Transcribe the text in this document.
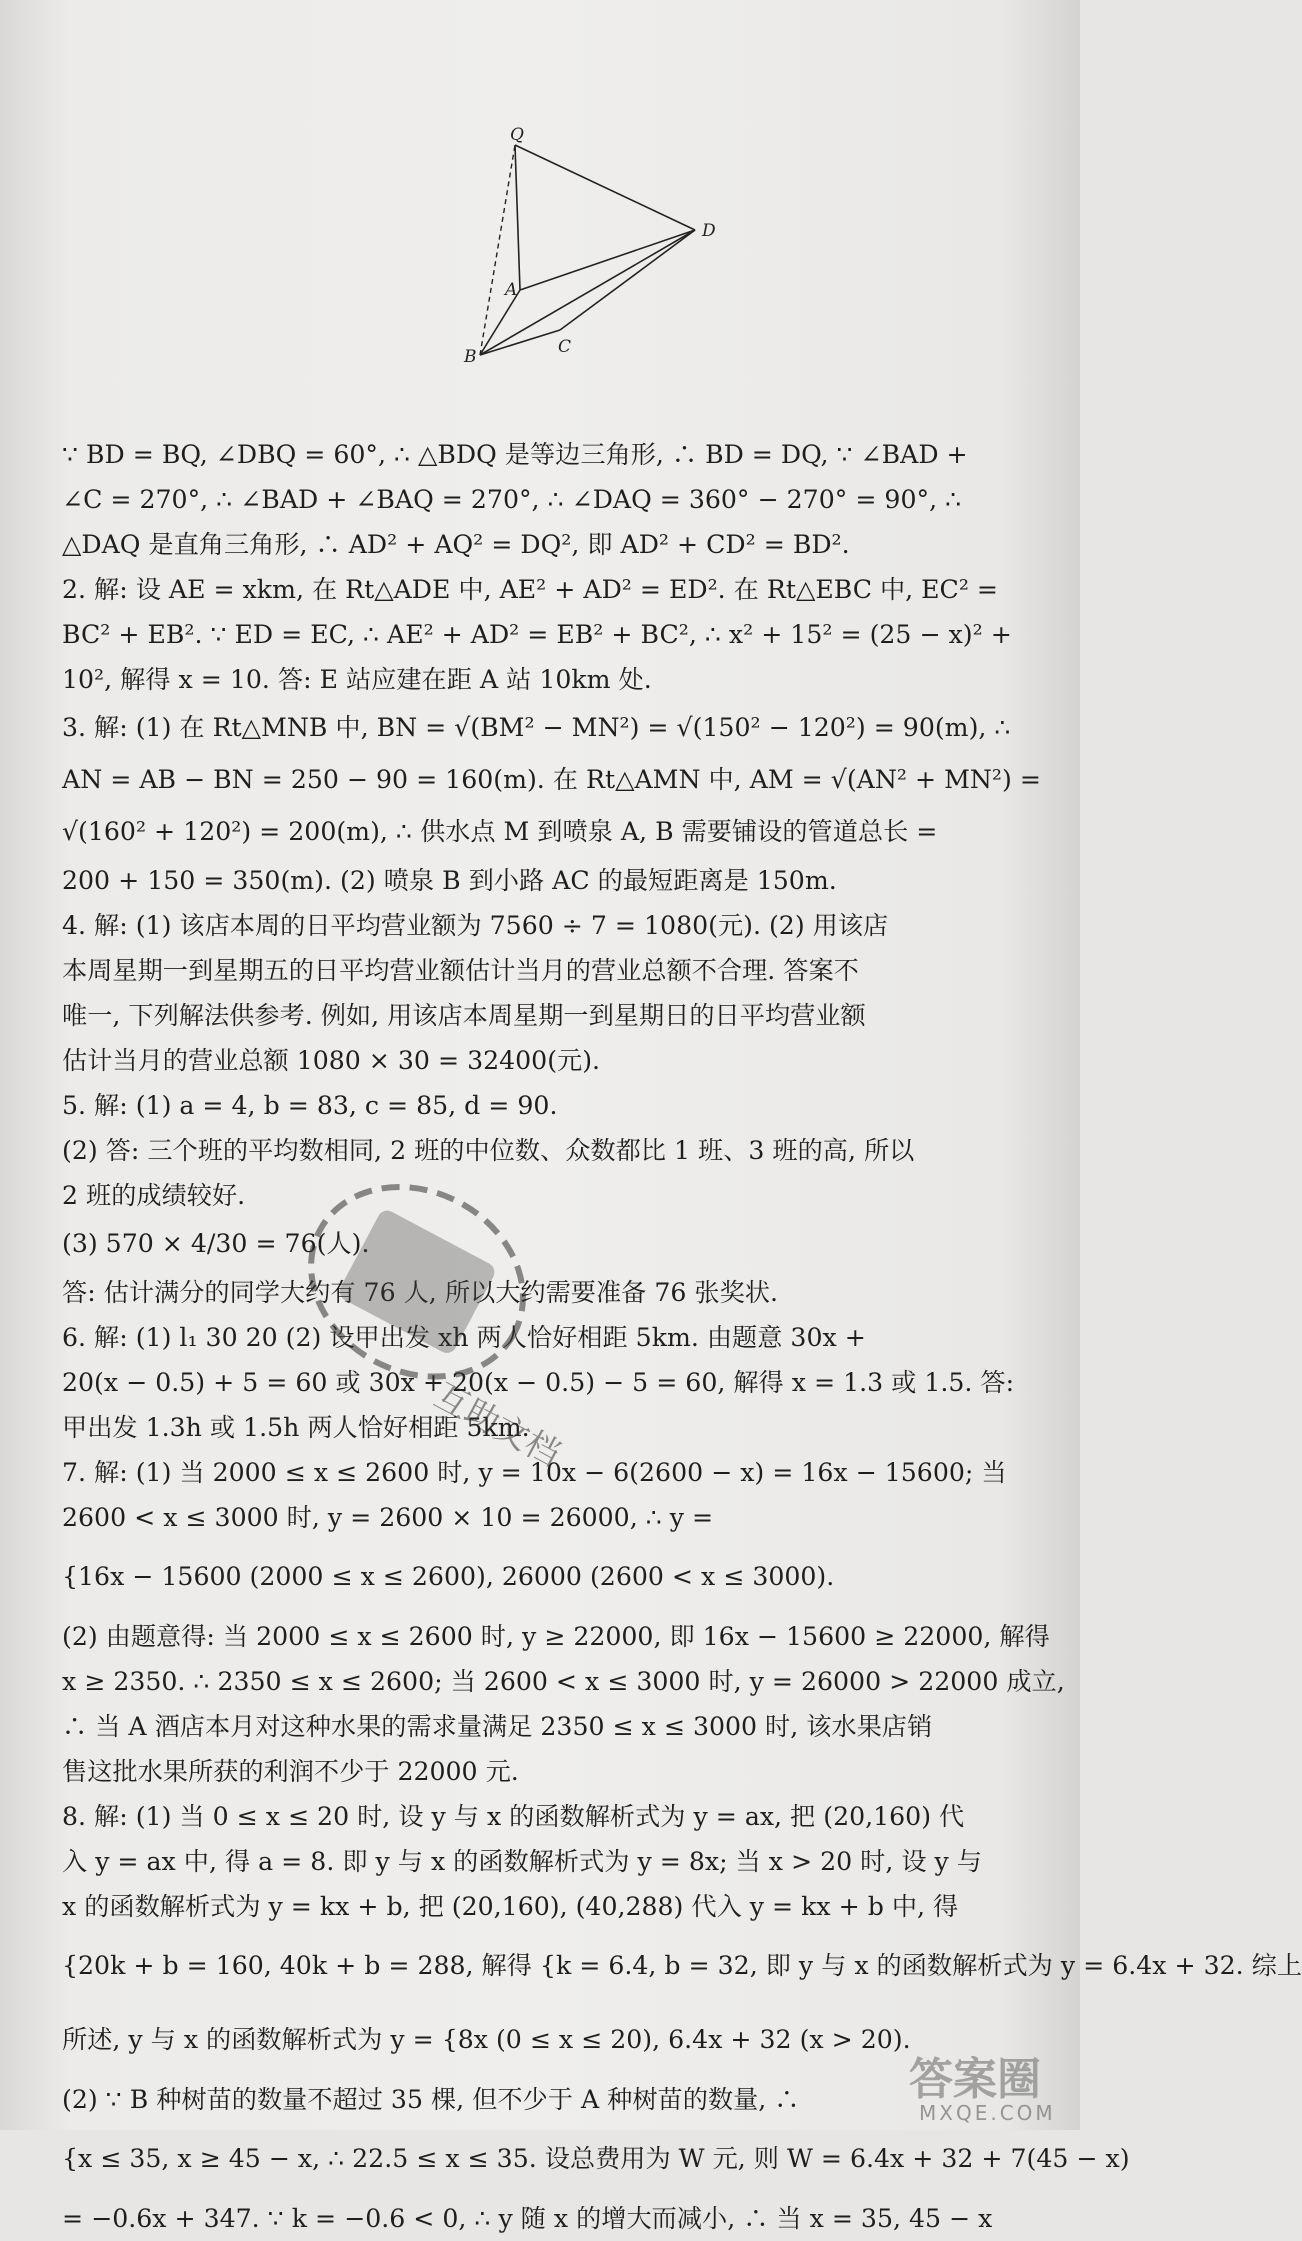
Q
A
D
B	C
∵ BD = BQ, ∠DBQ = 60°, ∴ △BDQ 是等边三角形, ∴ BD = DQ, ∵ ∠BAD +
∠C = 270°, ∴ ∠BAD + ∠BAQ = 270°, ∴ ∠DAQ = 360° − 270° = 90°, ∴
△DAQ 是直角三角形, ∴ AD² + AQ² = DQ², 即 AD² + CD² = BD².
2. 解: 设 AE = xkm, 在 Rt△ADE 中, AE² + AD² = ED². 在 Rt△EBC 中, EC² =
BC² + EB². ∵ ED = EC, ∴ AE² + AD² = EB² + BC², ∴ x² + 15² = (25 − x)² +
10², 解得 x = 10. 答: E 站应建在距 A 站 10km 处.
3. 解: (1) 在 Rt△MNB 中, BN = √(BM² − MN²) = √(150² − 120²) = 90(m), ∴
AN = AB − BN = 250 − 90 = 160(m). 在 Rt△AMN 中, AM = √(AN² + MN²) =
√(160² + 120²) = 200(m), ∴ 供水点 M 到喷泉 A, B 需要铺设的管道总长 =
200 + 150 = 350(m). (2) 喷泉 B 到小路 AC 的最短距离是 150m.
4. 解: (1) 该店本周的日平均营业额为 7560 ÷ 7 = 1080(元). (2) 用该店
本周星期一到星期五的日平均营业额估计当月的营业总额不合理. 答案不
唯一, 下列解法供参考. 例如, 用该店本周星期一到星期日的日平均营业额
估计当月的营业总额 1080 × 30 = 32400(元).
5. 解: (1) a = 4, b = 83, c = 85, d = 90.
(2) 答: 三个班的平均数相同, 2 班的中位数、众数都比 1 班、3 班的高, 所以
2 班的成绩较好.
(3) 570 × 4/30 = 76(人).
答: 估计满分的同学大约有 76 人, 所以大约需要准备 76 张奖状.
6. 解: (1) l₁ 30 20 (2) 设甲出发 xh 两人恰好相距 5km. 由题意 30x +
20(x − 0.5) + 5 = 60 或 30x + 20(x − 0.5) − 5 = 60, 解得 x = 1.3 或 1.5. 答:
甲出发 1.3h 或 1.5h 两人恰好相距 5km.
7. 解: (1) 当 2000 ≤ x ≤ 2600 时, y = 10x − 6(2600 − x) = 16x − 15600; 当
2600 < x ≤ 3000 时, y = 2600 × 10 = 26000, ∴ y =
{16x − 15600 (2000 ≤ x ≤ 2600), 26000 (2600 < x ≤ 3000).
(2) 由题意得: 当 2000 ≤ x ≤ 2600 时, y ≥ 22000, 即 16x − 15600 ≥ 22000, 解得
x ≥ 2350. ∴ 2350 ≤ x ≤ 2600; 当 2600 < x ≤ 3000 时, y = 26000 > 22000 成立,
∴ 当 A 酒店本月对这种水果的需求量满足 2350 ≤ x ≤ 3000 时, 该水果店销
售这批水果所获的利润不少于 22000 元.
8. 解: (1) 当 0 ≤ x ≤ 20 时, 设 y 与 x 的函数解析式为 y = ax, 把 (20,160) 代
入 y = ax 中, 得 a = 8. 即 y 与 x 的函数解析式为 y = 8x; 当 x > 20 时, 设 y 与
x 的函数解析式为 y = kx + b, 把 (20,160), (40,288) 代入 y = kx + b 中, 得
{20k + b = 160, 40k + b = 288, 解得 {k = 6.4, b = 32, 即 y 与 x 的函数解析式为 y = 6.4x + 32. 综上
所述, y 与 x 的函数解析式为 y = {8x (0 ≤ x ≤ 20), 6.4x + 32 (x > 20).
(2) ∵ B 种树苗的数量不超过 35 棵, 但不少于 A 种树苗的数量, ∴
{x ≤ 35, x ≥ 45 − x, ∴ 22.5 ≤ x ≤ 35. 设总费用为 W 元, 则 W = 6.4x + 32 + 7(45 − x)
= −0.6x + 347. ∵ k = −0.6 < 0, ∴ y 随 x 的增大而减小, ∴ 当 x = 35, 45 − x
互助文档
答案圈
MXQE.COM
